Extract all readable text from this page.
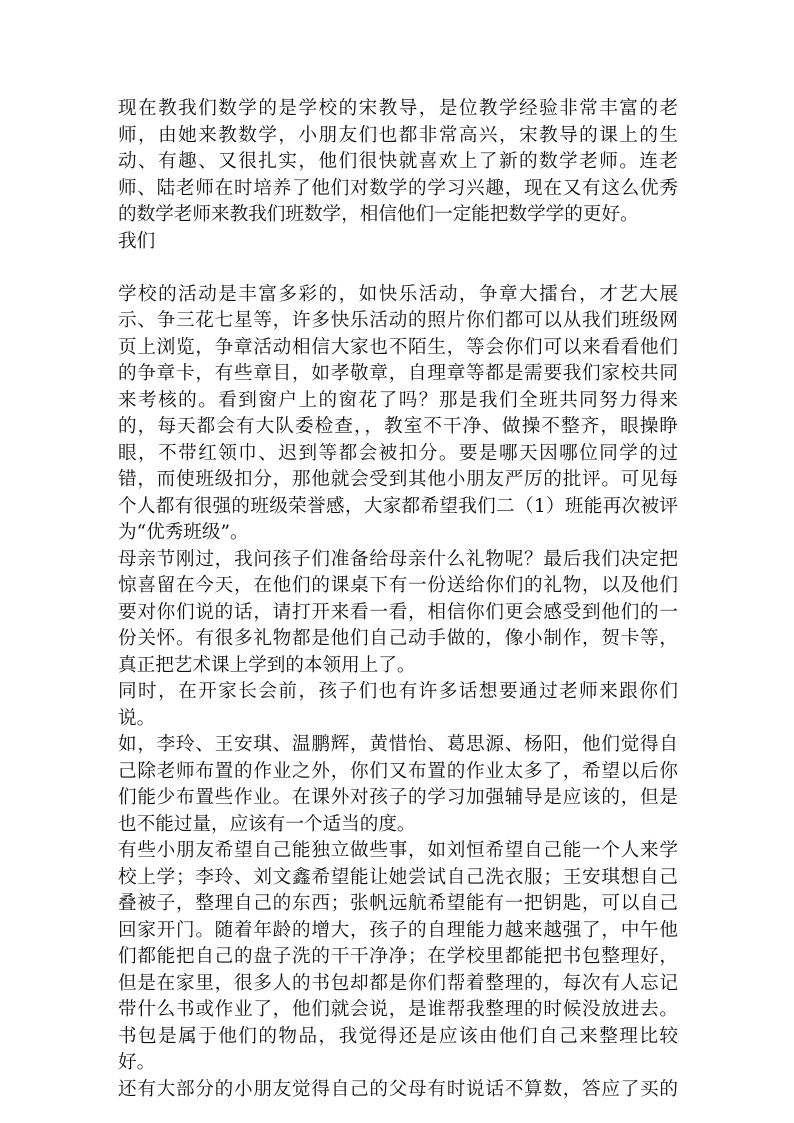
现在教我们数学的是学校的宋教导，是位教学经验非常丰富的老
师，由她来教数学，小朋友们也都非常高兴，宋教导的课上的生
动、有趣、又很扎实，他们很快就喜欢上了新的数学老师。连老
师、陆老师在时培养了他们对数学的学习兴趣，现在又有这么优秀
的数学老师来教我们班数学，相信他们一定能把数学学的更好。
我们
学校的活动是丰富多彩的，如快乐活动，争章大擂台，才艺大展
示、争三花七星等，许多快乐活动的照片你们都可以从我们班级网
页上浏览，争章活动相信大家也不陌生，等会你们可以来看看他们
的争章卡，有些章目，如孝敬章，自理章等都是需要我们家校共同
来考核的。看到窗户上的窗花了吗？那是我们全班共同努力得来
的，每天都会有大队委检查，，教室不干净、做操不整齐，眼操睁
眼，不带红领巾、迟到等都会被扣分。要是哪天因哪位同学的过
错，而使班级扣分，那他就会受到其他小朋友严厉的批评。可见每
个人都有很强的班级荣誉感，大家都希望我们二（1）班能再次被评
为“优秀班级”。
母亲节刚过，我问孩子们准备给母亲什么礼物呢？最后我们决定把
惊喜留在今天，在他们的课桌下有一份送给你们的礼物，以及他们
要对你们说的话，请打开来看一看，相信你们更会感受到他们的一
份关怀。有很多礼物都是他们自己动手做的，像小制作，贺卡等，
真正把艺术课上学到的本领用上了。
同时，在开家长会前，孩子们也有许多话想要通过老师来跟你们
说。
如，李玲、王安琪、温鹏辉，黄惜怡、葛思源、杨阳，他们觉得自
己除老师布置的作业之外，你们又布置的作业太多了，希望以后你
们能少布置些作业。在课外对孩子的学习加强辅导是应该的，但是
也不能过量，应该有一个适当的度。
有些小朋友希望自己能独立做些事，如刘恒希望自己能一个人来学
校上学；李玲、刘文鑫希望能让她尝试自己洗衣服；王安琪想自己
叠被子，整理自己的东西；张帆远航希望能有一把钥匙，可以自己
回家开门。随着年龄的增大，孩子的自理能力越来越强了，中午他
们都能把自己的盘子洗的干干净净；在学校里都能把书包整理好，
但是在家里，很多人的书包却都是你们帮着整理的，每次有人忘记
带什么书或作业了，他们就会说，是谁帮我整理的时候没放进去。
书包是属于他们的物品，我觉得还是应该由他们自己来整理比较
好。
还有大部分的小朋友觉得自己的父母有时说话不算数，答应了买的
